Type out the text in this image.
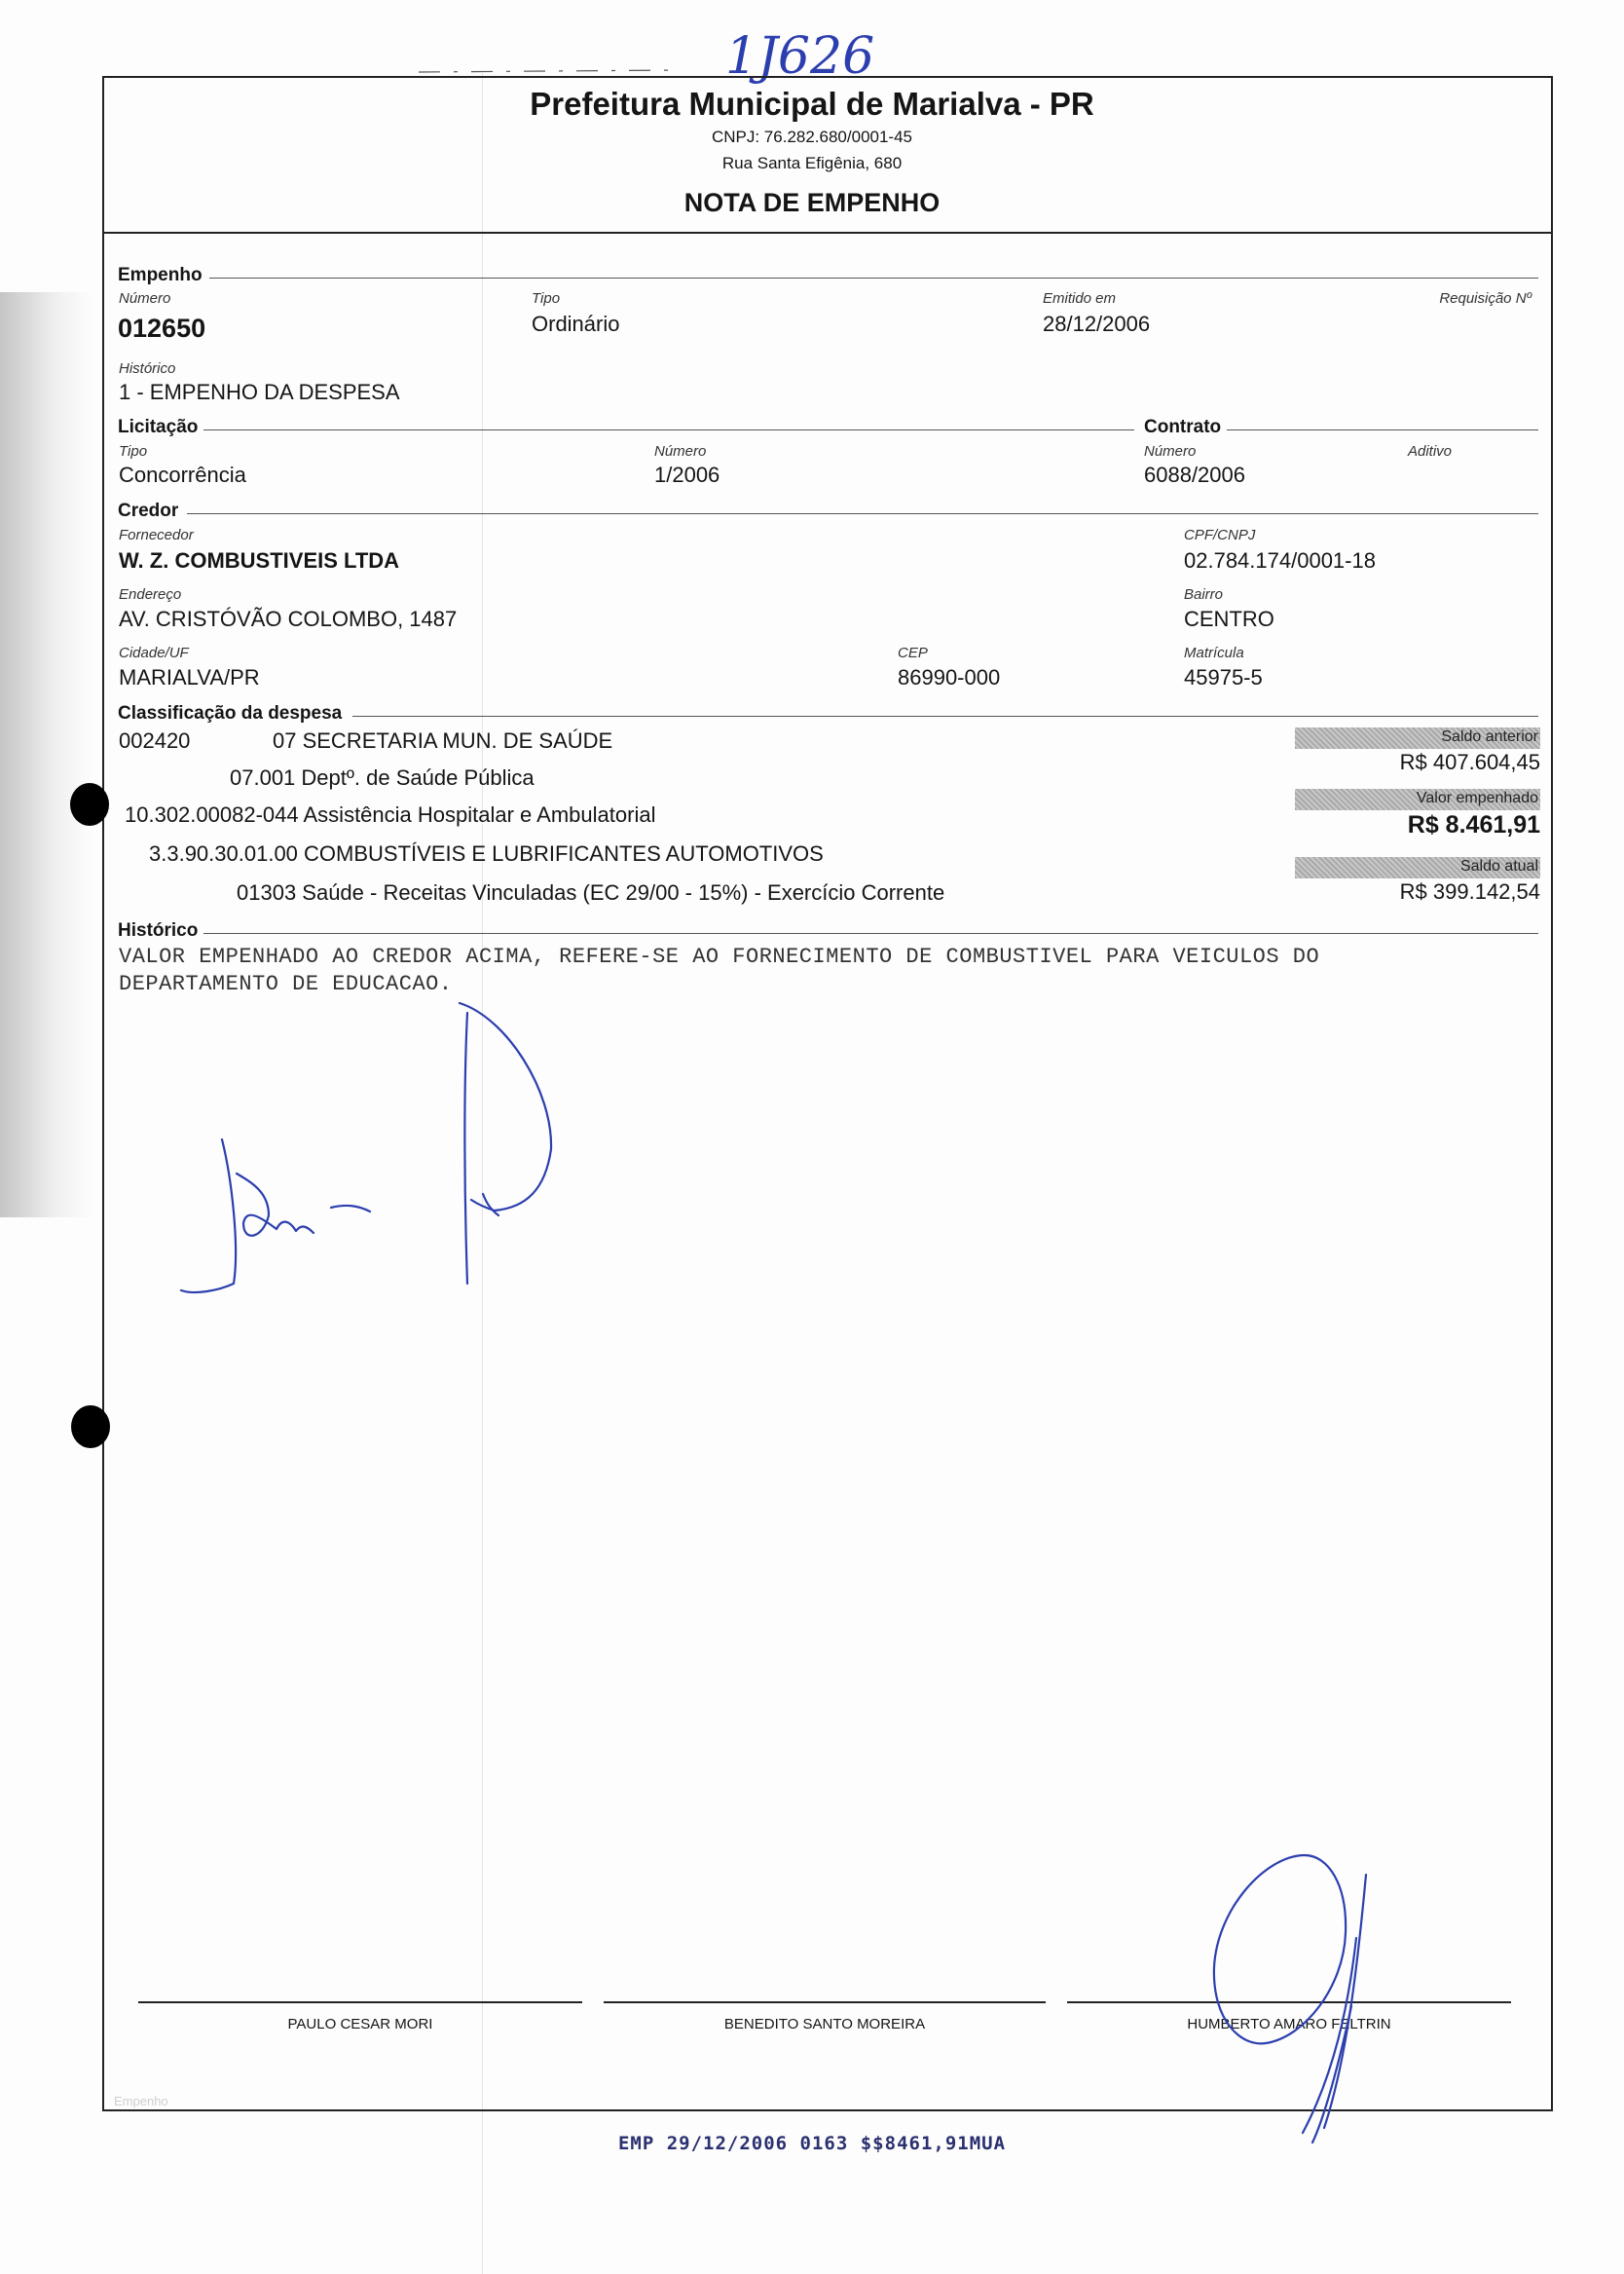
1J626
Prefeitura Municipal de Marialva - PR
CNPJ: 76.282.680/0001-45
Rua Santa Efigênia, 680
NOTA DE EMPENHO
Empenho
Número
012650
Tipo
Ordinário
Emitido em
28/12/2006
Requisição Nº
Histórico
1 - EMPENHO DA DESPESA
Licitação	Contrato
Tipo
Concorrência
Número
1/2006
Número
6088/2006
Aditivo
Credor
Fornecedor
W. Z. COMBUSTIVEIS LTDA
CPF/CNPJ
02.784.174/0001-18
Endereço
AV. CRISTÓVÃO COLOMBO, 1487
Bairro
CENTRO
Cidade/UF
MARIALVA/PR
CEP
86990-000
Matrícula
45975-5
Classificação da despesa
002420	07 SECRETARIA MUN. DE SAÚDE
07.001 Deptº. de Saúde Pública
10.302.00082-044 Assistência Hospitalar e Ambulatorial
3.3.90.30.01.00 COMBUSTÍVEIS E LUBRIFICANTES AUTOMOTIVOS
01303 Saúde - Receitas Vinculadas (EC 29/00 - 15%) - Exercício Corrente
Saldo anterior
R$ 407.604,45
Valor empenhado
R$ 8.461,91
Saldo atual
R$ 399.142,54
Histórico
VALOR EMPENHADO AO CREDOR ACIMA, REFERE-SE AO FORNECIMENTO DE COMBUSTIVEL PARA VEICULOS DO
DEPARTAMENTO DE EDUCACAO.
PAULO CESAR MORI	BENEDITO SANTO MOREIRA	HUMBERTO AMARO FELTRIN
Empenho
EMP 29/12/2006 0163 $$8461,91MUA
